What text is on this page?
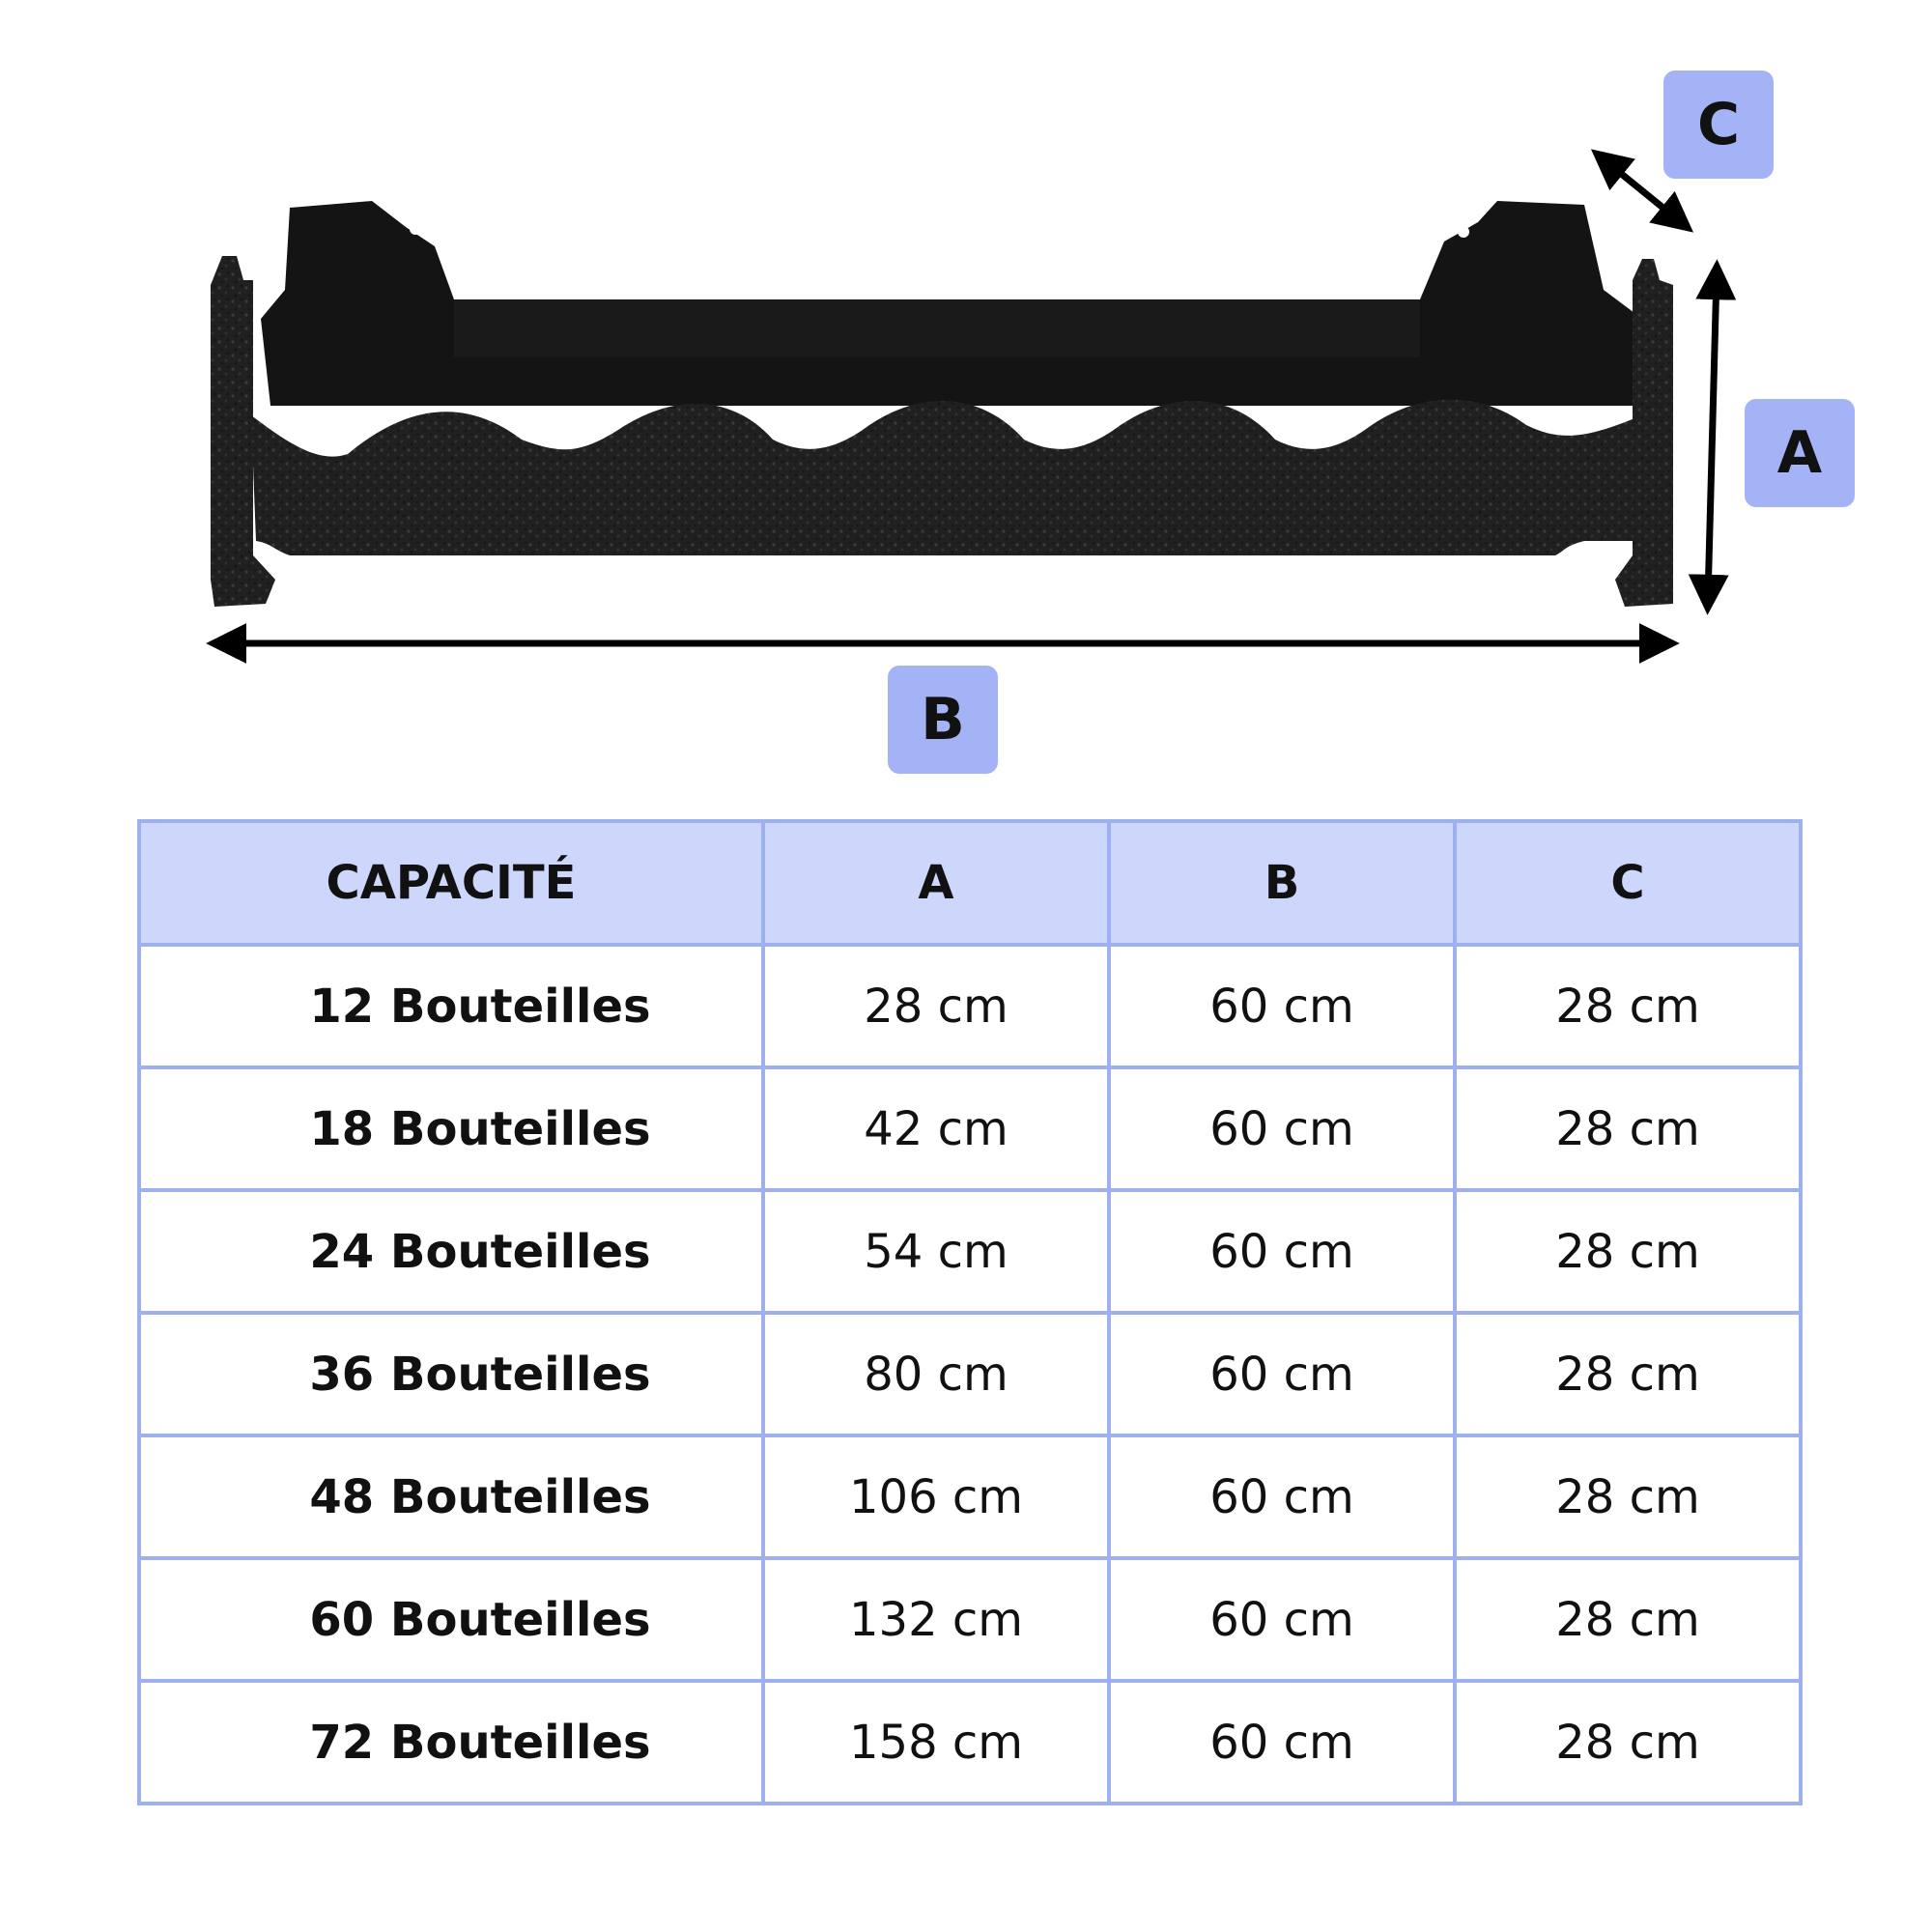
C
A
B
CAPACITÉ	A	B	C
12 Bouteilles	28 cm	60 cm	28 cm
18 Bouteilles	42 cm	60 cm	28 cm
24 Bouteilles	54 cm	60 cm	28 cm
36 Bouteilles	80 cm	60 cm	28 cm
48 Bouteilles	106 cm	60 cm	28 cm
60 Bouteilles	132 cm	60 cm	28 cm
72 Bouteilles	158 cm	60 cm	28 cm
